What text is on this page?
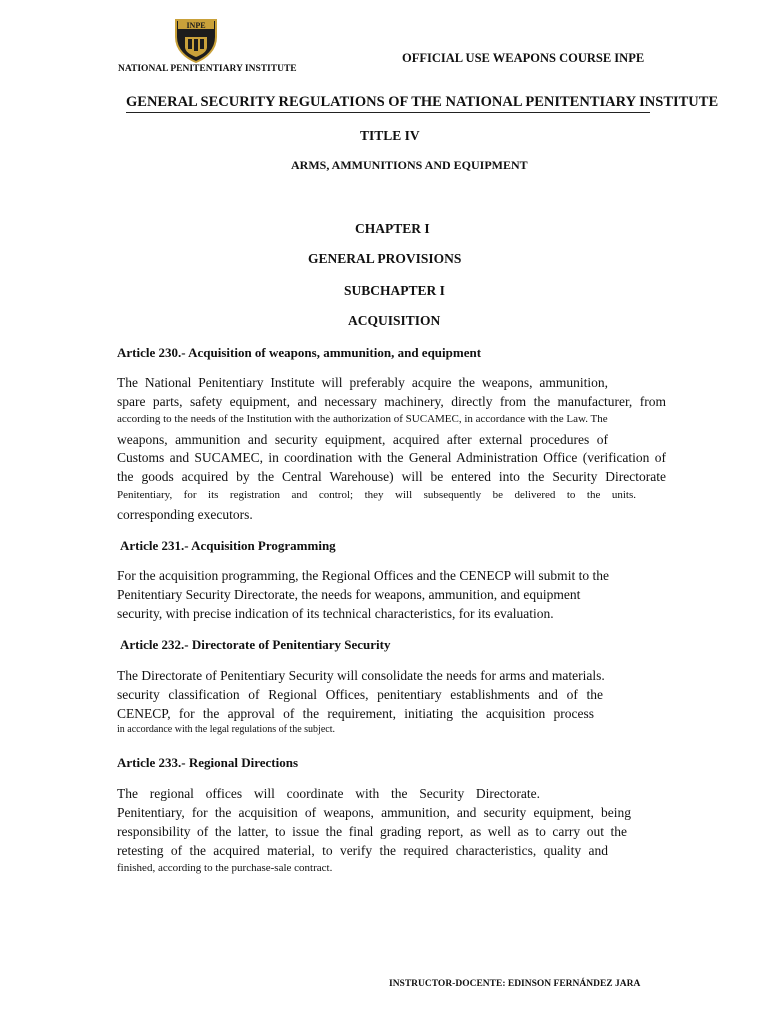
INPE
NATIONAL PENITENTIARY INSTITUTE
OFFICIAL USE WEAPONS COURSE INPE
GENERAL SECURITY REGULATIONS OF THE NATIONAL PENITENTIARY INSTITUTE
TITLE IV
ARMS, AMMUNITIONS AND EQUIPMENT
CHAPTER I
GENERAL PROVISIONS
SUBCHAPTER I
ACQUISITION
Article 230.- Acquisition of weapons, ammunition, and equipment
The National Penitentiary Institute will preferably acquire the weapons, ammunition,
spare parts, safety equipment, and necessary machinery, directly from the manufacturer, from
according to the needs of the Institution with the authorization of SUCAMEC, in accordance with the Law. The
weapons, ammunition and security equipment, acquired after external procedures of
Customs and SUCAMEC, in coordination with the General Administration Office (verification of
the goods acquired by the Central Warehouse) will be entered into the Security Directorate
Penitentiary, for its registration and control; they will subsequently be delivered to the units.
corresponding executors.
Article 231.- Acquisition Programming
For the acquisition programming, the Regional Offices and the CENECP will submit to the
Penitentiary Security Directorate, the needs for weapons, ammunition, and equipment
security, with precise indication of its technical characteristics, for its evaluation.
Article 232.- Directorate of Penitentiary Security
The Directorate of Penitentiary Security will consolidate the needs for arms and materials.
security classification of Regional Offices, penitentiary establishments and of the
CENECP, for the approval of the requirement, initiating the acquisition process
in accordance with the legal regulations of the subject.
Article 233.- Regional Directions
The regional offices will coordinate with the Security Directorate.
Penitentiary, for the acquisition of weapons, ammunition, and security equipment, being
responsibility of the latter, to issue the final grading report, as well as to carry out the
retesting of the acquired material, to verify the required characteristics, quality and
finished, according to the purchase-sale contract.
INSTRUCTOR-DOCENTE: EDINSON FERNÁNDEZ JARA
